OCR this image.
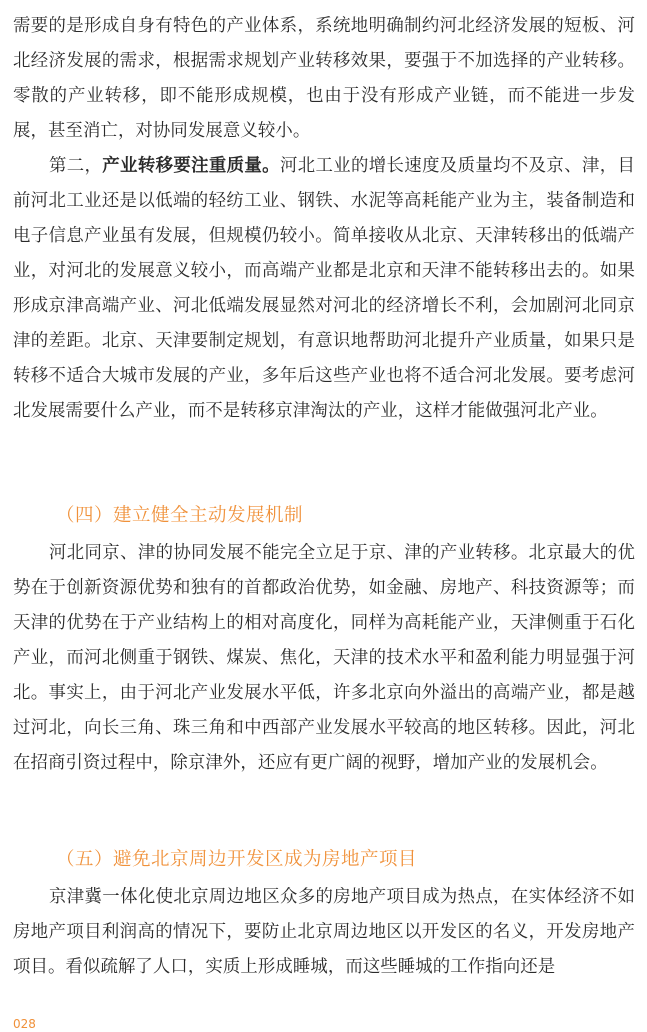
需要的是形成自身有特色的产业体系，系统地明确制约河北经济发展的短板、河北经济发展的需求，根据需求规划产业转移效果，要强于不加选择的产业转移。零散的产业转移，即不能形成规模，也由于没有形成产业链，而不能进一步发展，甚至消亡，对协同发展意义较小。

第二，产业转移要注重质量。河北工业的增长速度及质量均不及京、津，目前河北工业还是以低端的轻纺工业、钢铁、水泥等高耗能产业为主，装备制造和电子信息产业虽有发展，但规模仍较小。简单接收从北京、天津转移出的低端产业，对河北的发展意义较小，而高端产业都是北京和天津不能转移出去的。如果形成京津高端产业、河北低端发展显然对河北的经济增长不利，会加剧河北同京津的差距。北京、天津要制定规划，有意识地帮助河北提升产业质量，如果只是转移不适合大城市发展的产业，多年后这些产业也将不适合河北发展。要考虑河北发展需要什么产业，而不是转移京津淘汰的产业，这样才能做强河北产业。

（四）建立健全主动发展机制

河北同京、津的协同发展不能完全立足于京、津的产业转移。北京最大的优势在于创新资源优势和独有的首都政治优势，如金融、房地产、科技资源等；而天津的优势在于产业结构上的相对高度化，同样为高耗能产业，天津侧重于石化产业，而河北侧重于钢铁、煤炭、焦化，天津的技术水平和盈利能力明显强于河北。事实上，由于河北产业发展水平低，许多北京向外溢出的高端产业，都是越过河北，向长三角、珠三角和中西部产业发展水平较高的地区转移。因此，河北在招商引资过程中，除京津外，还应有更广阔的视野，增加产业的发展机会。

（五）避免北京周边开发区成为房地产项目

京津冀一体化使北京周边地区众多的房地产项目成为热点，在实体经济不如房地产项目利润高的情况下，要防止北京周边地区以开发区的名义，开发房地产项目。看似疏解了人口，实质上形成睡城，而这些睡城的工作指向还是

028
